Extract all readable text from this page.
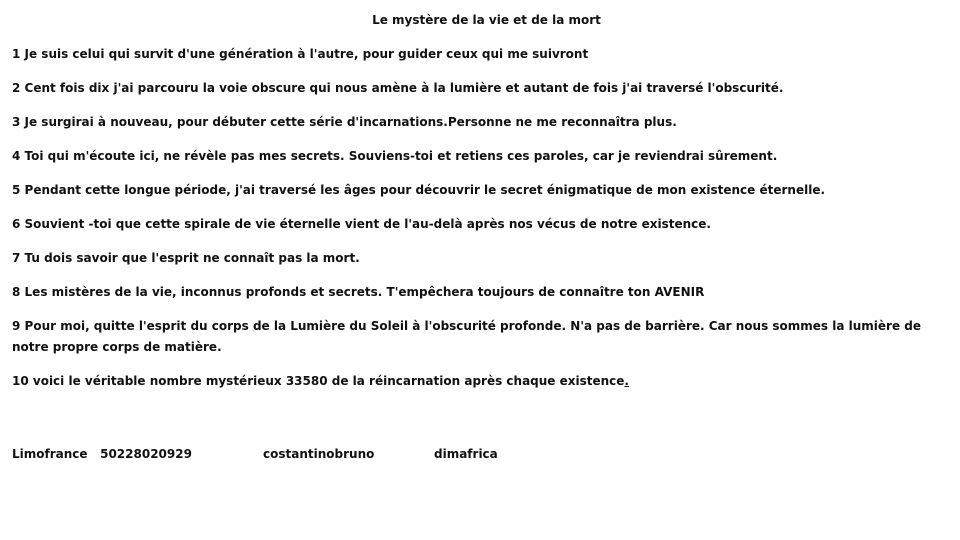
Le mystère de la vie et de la mort
1 Je suis celui qui survit d'une génération à l'autre, pour guider ceux qui me suivront
2 Cent fois dix j'ai parcouru la voie obscure qui nous amène à la lumière et autant de fois j'ai traversé l'obscurité.
3 Je surgirai à nouveau, pour débuter cette série d'incarnations.Personne ne me reconnaîtra plus.
4 Toi qui m'écoute ici, ne révèle pas mes secrets. Souviens-toi et retiens ces paroles, car je reviendrai sûrement.
5 Pendant cette longue période, j'ai traversé les âges pour découvrir le secret énigmatique de mon existence éternelle.
6 Souvient -toi que cette spirale de vie éternelle vient de l'au-delà après nos vécus de notre existence.
7 Tu dois savoir que l'esprit ne connaît pas la mort.
8 Les mistères de la vie, inconnus profonds et secrets. T'empêchera toujours de connaître ton AVENIR
9 Pour moi, quitte l'esprit du corps de la Lumière du Soleil à l'obscurité profonde. N'a pas de barrière. Car nous sommes la lumière de notre propre corps de matière.
10 voici le véritable nombre mystérieux 33580 de la réincarnation après chaque existence.
Limofrance 50228020929	costantinobruno	dimafrica
